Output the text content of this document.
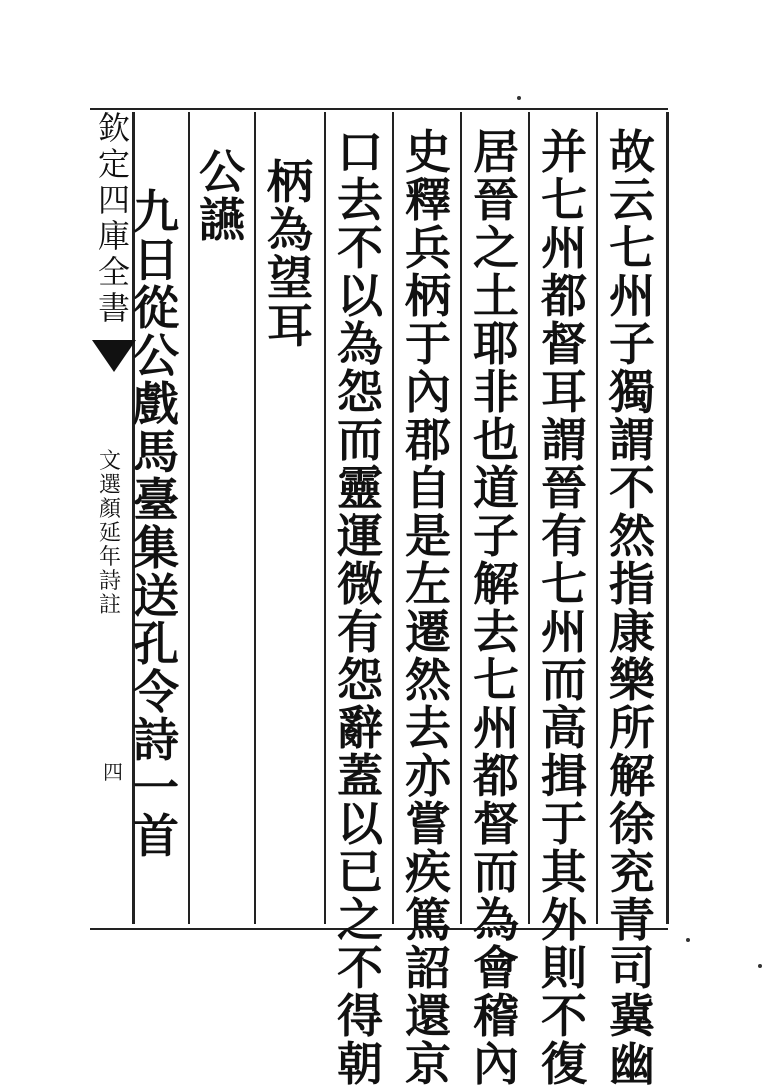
欽
定
四
庫
全
書
文
選
顏
延
年
詩
註
四
故
云
七
州
子
獨
謂
不
然
指
康
樂
所
解
徐
兖
青
司
冀
幽
并
七
州
都
督
耳
謂
晉
有
七
州
而
高
揖
于
其
外
則
不
復
居
晉
之
土
耶
非
也
道
子
解
去
七
州
都
督
而
為
會
稽
內
史
釋
兵
柄
于
內
郡
自
是
左
遷
然
去
亦
嘗
疾
篤
詔
還
京
口
去
不
以
為
怨
而
靈
運
微
有
怨
辭
蓋
以
已
之
不
得
朝
柄
為
望
耳
公
讌
九
日
從
公
戲
馬
臺
集
送
孔
令
詩
一
首
